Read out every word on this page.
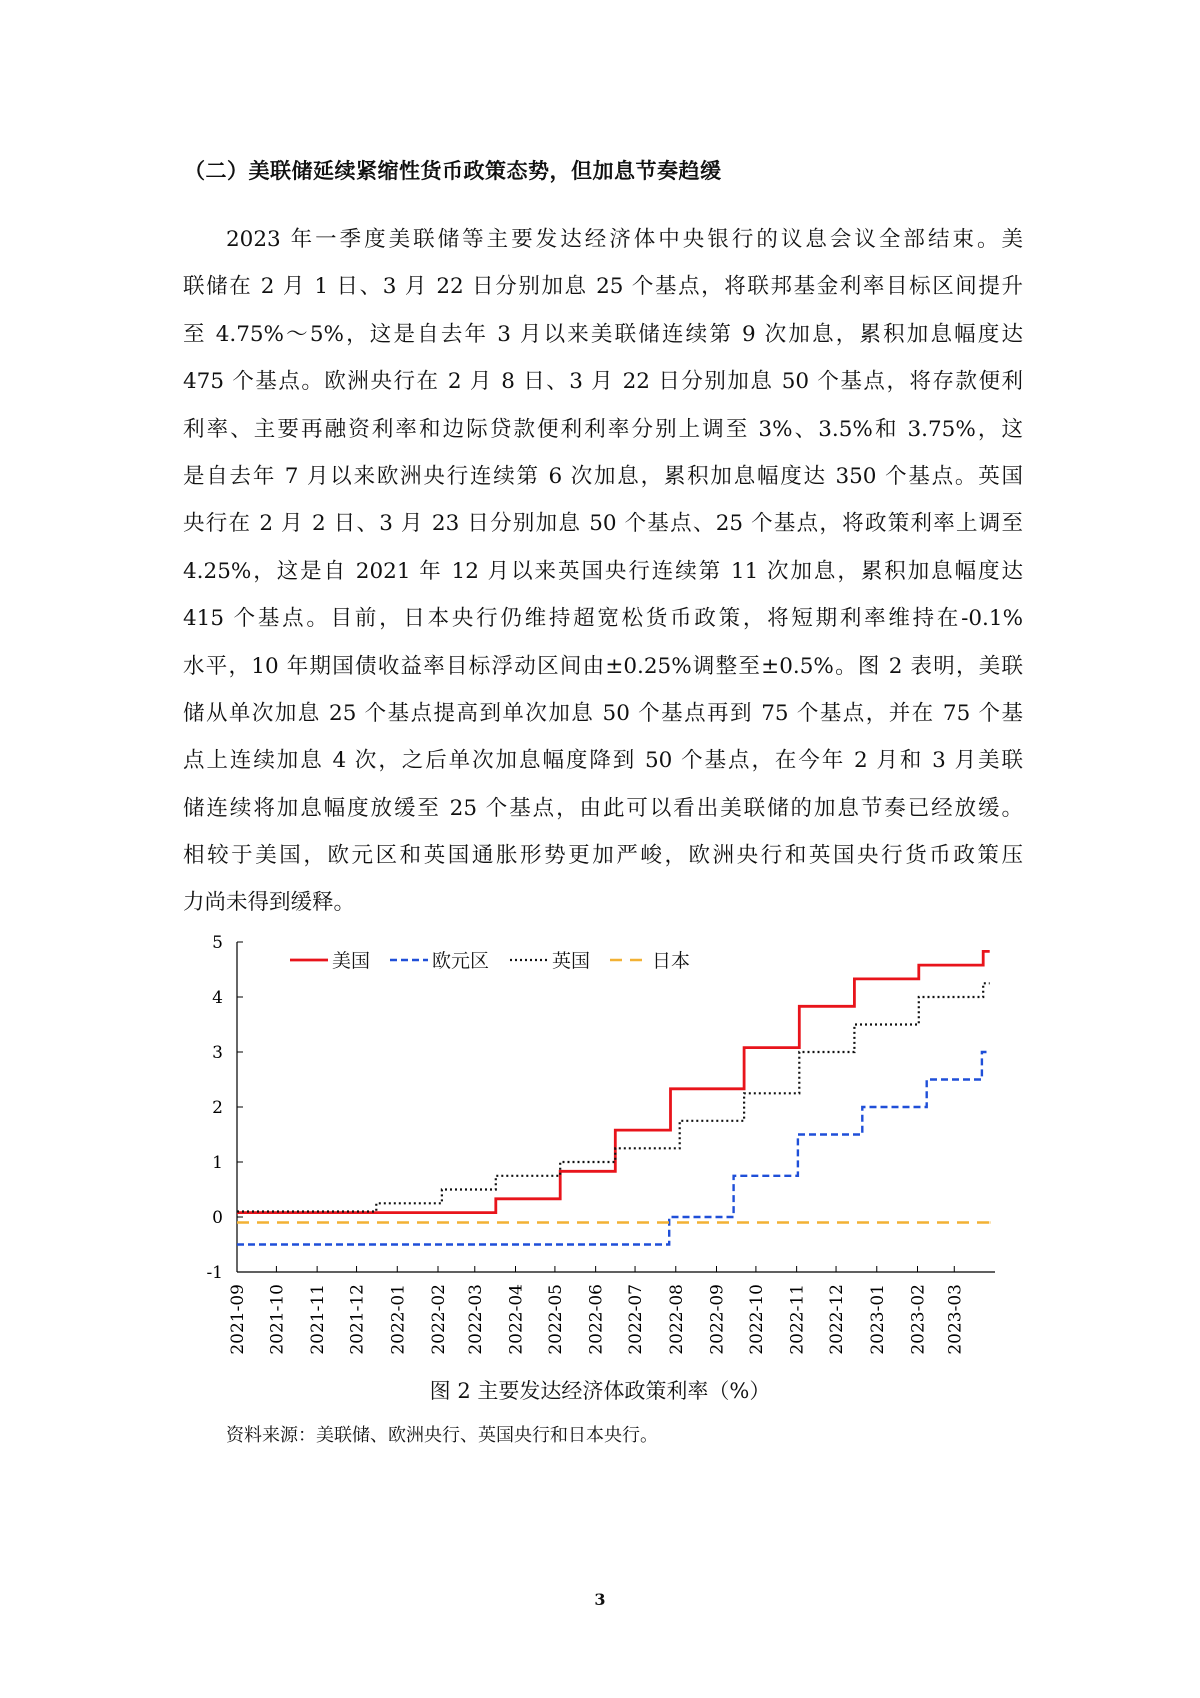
（二）美联储延续紧缩性货币政策态势，但加息节奏趋缓
2023 年一季度美联储等主要发达经济体中央银行的议息会议全部结束。美
联储在 2 月 1 日、3 月 22 日分别加息 25 个基点，将联邦基金利率目标区间提升
至 4.75%～5%，这是自去年 3 月以来美联储连续第 9 次加息，累积加息幅度达
475 个基点。欧洲央行在 2 月 8 日、3 月 22 日分别加息 50 个基点，将存款便利
利率、主要再融资利率和边际贷款便利利率分别上调至 3%、3.5%和 3.75%，这
是自去年 7 月以来欧洲央行连续第 6 次加息，累积加息幅度达 350 个基点。英国
央行在 2 月 2 日、3 月 23 日分别加息 50 个基点、25 个基点，将政策利率上调至
4.25%，这是自 2021 年 12 月以来英国央行连续第 11 次加息，累积加息幅度达
415 个基点。目前，日本央行仍维持超宽松货币政策，将短期利率维持在-0.1%
水平，10 年期国债收益率目标浮动区间由±0.25%调整至±0.5%。图 2 表明，美联
储从单次加息 25 个基点提高到单次加息 50 个基点再到 75 个基点，并在 75 个基
点上连续加息 4 次，之后单次加息幅度降到 50 个基点，在今年 2 月和 3 月美联
储连续将加息幅度放缓至 25 个基点，由此可以看出美联储的加息节奏已经放缓。
相较于美国，欧元区和英国通胀形势更加严峻，欧洲央行和英国央行货币政策压
力尚未得到缓释。
-1
0
1
2
3
4
5
2021-09 2021-10 2021-11 2021-12 2022-01 2022-02 2022-03 2022-04 2022-05 2022-06 2022-07 2022-08 2022-09 2022-10 2022-11 2022-12 2023-01 2023-02 2023-03
美国	欧元区	英国	日本

图 2 主要发达经济体政策利率（%）

资料来源：美联储、欧洲央行、英国央行和日本央行。

3
